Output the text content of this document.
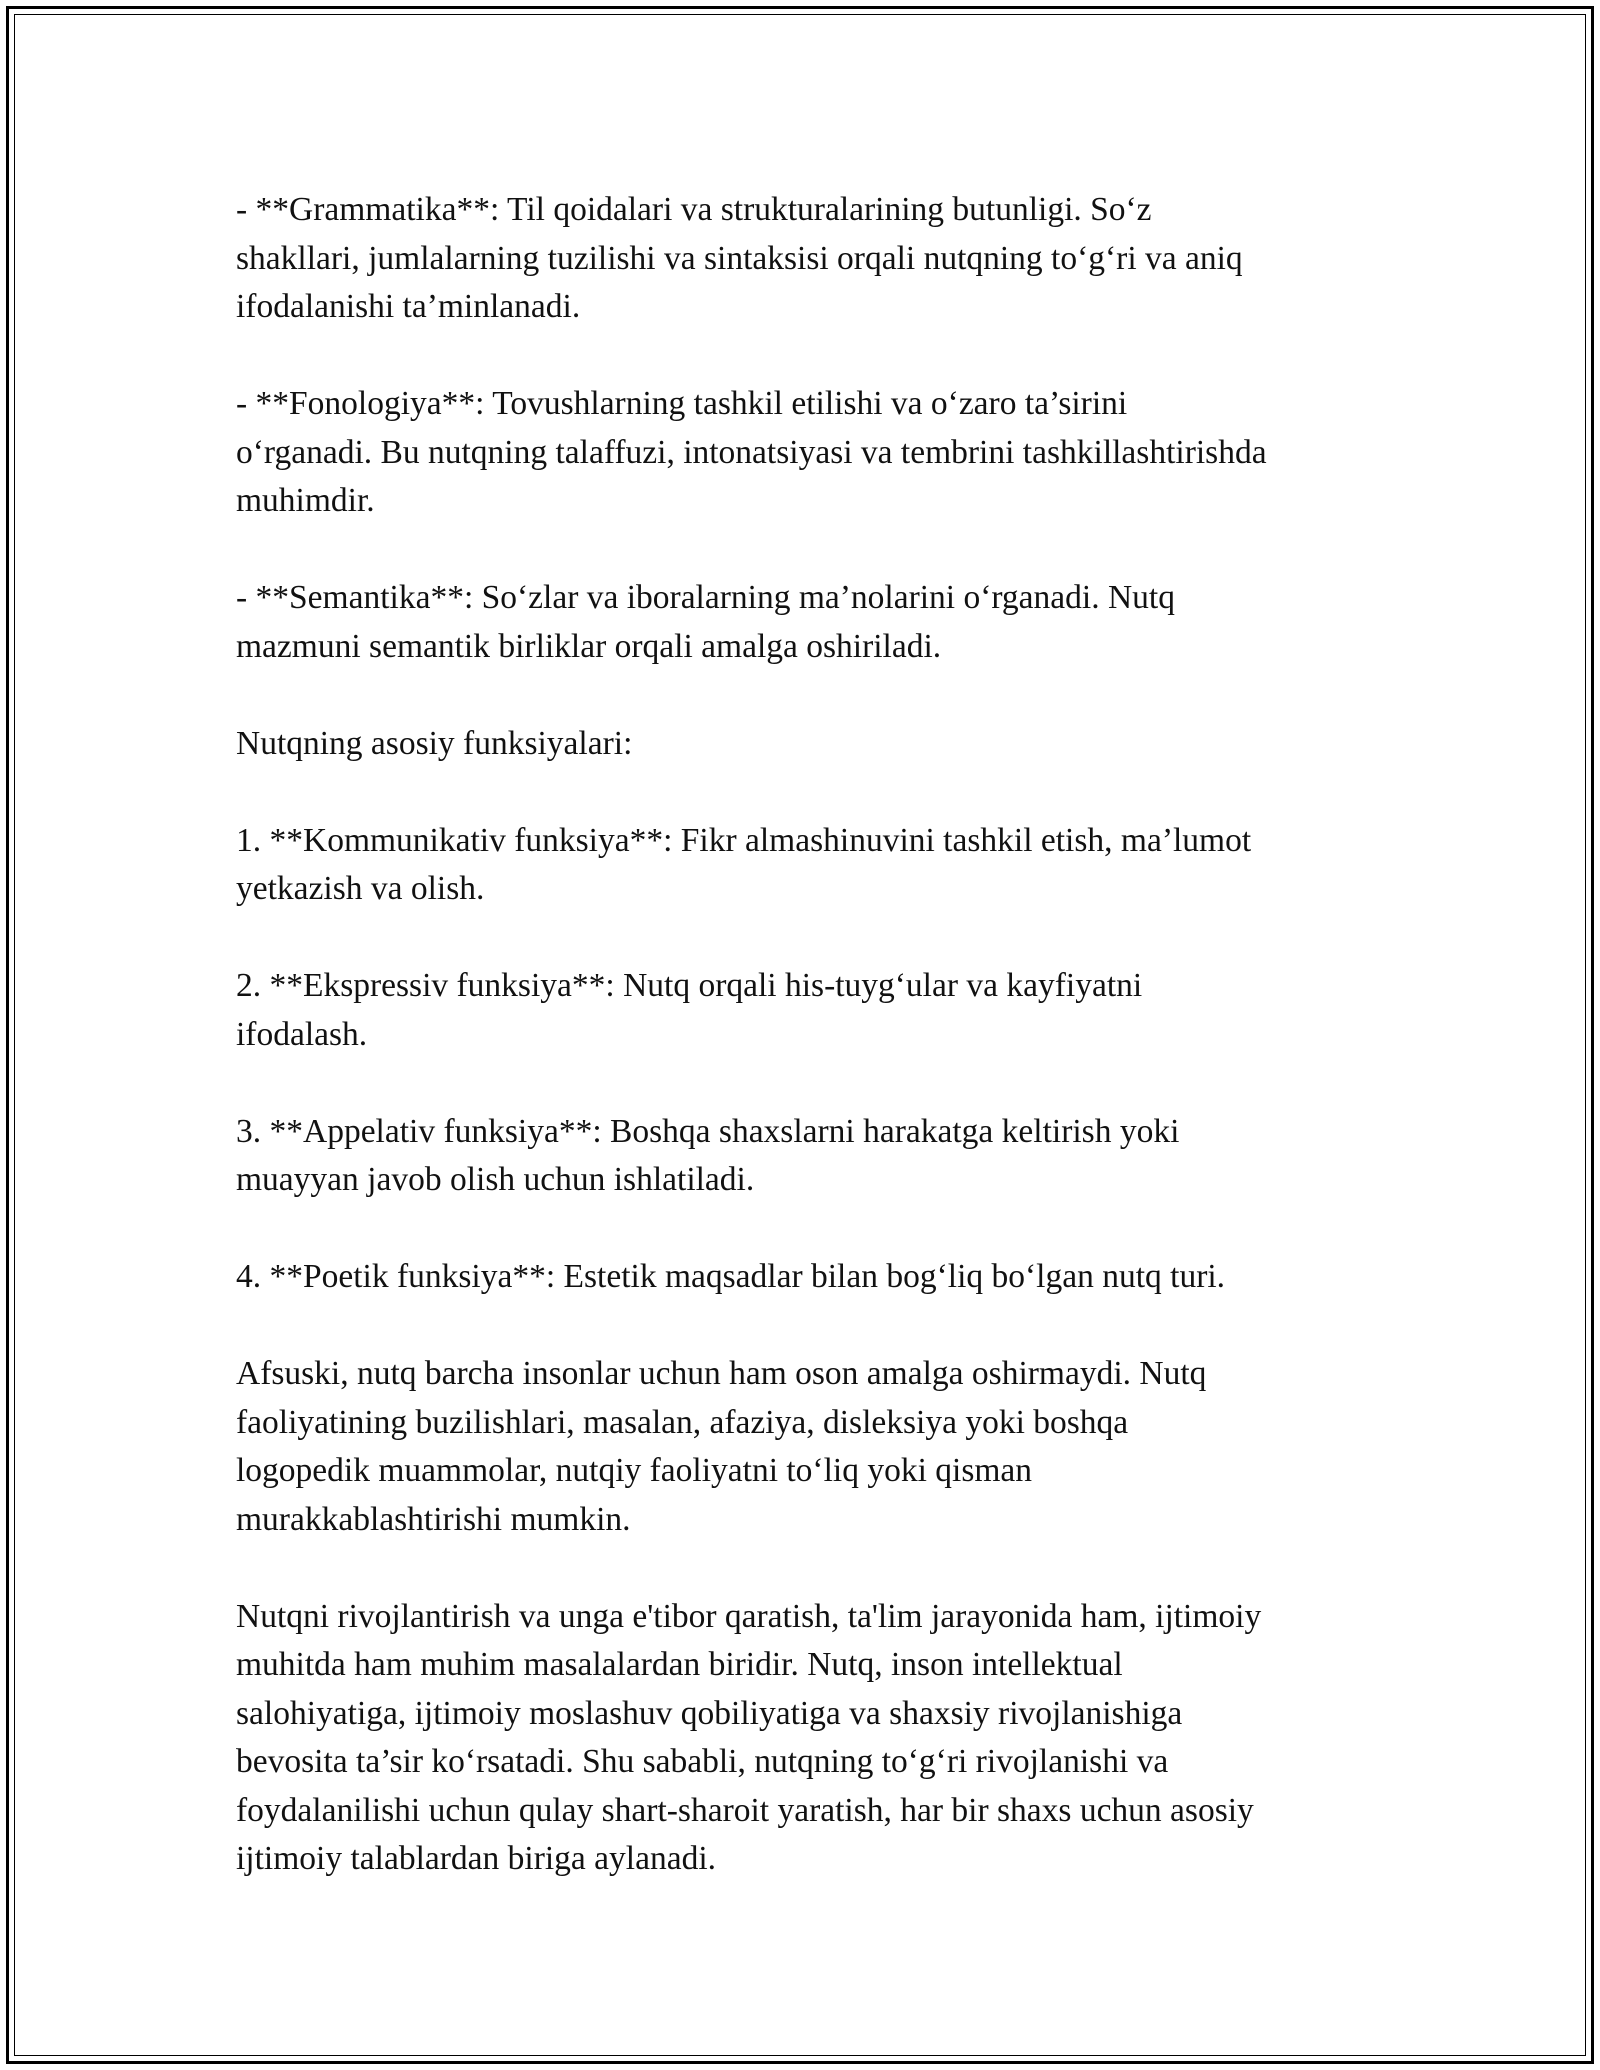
- **Grammatika**: Til qoidalari va strukturalarining butunligi. So‘z
shakllari, jumlalarning tuzilishi va sintaksisi orqali nutqning to‘g‘ri va aniq
ifodalanishi ta’minlanadi.

- **Fonologiya**: Tovushlarning tashkil etilishi va o‘zaro ta’sirini
o‘rganadi. Bu nutqning talaffuzi, intonatsiyasi va tembrini tashkillashtirishda
muhimdir.

- **Semantika**: So‘zlar va iboralarning ma’nolarini o‘rganadi. Nutq
mazmuni semantik birliklar orqali amalga oshiriladi.

Nutqning asosiy funksiyalari:

1. **Kommunikativ funksiya**: Fikr almashinuvini tashkil etish, ma’lumot
yetkazish va olish.

2. **Ekspressiv funksiya**: Nutq orqali his-tuyg‘ular va kayfiyatni
ifodalash.

3. **Appelativ funksiya**: Boshqa shaxslarni harakatga keltirish yoki
muayyan javob olish uchun ishlatiladi.

4. **Poetik funksiya**: Estetik maqsadlar bilan bog‘liq bo‘lgan nutq turi.

Afsuski, nutq barcha insonlar uchun ham oson amalga oshirmaydi. Nutq
faoliyatining buzilishlari, masalan, afaziya, disleksiya yoki boshqa
logopedik muammolar, nutqiy faoliyatni to‘liq yoki qisman
murakkablashtirishi mumkin.

Nutqni rivojlantirish va unga e'tibor qaratish, ta'lim jarayonida ham, ijtimoiy
muhitda ham muhim masalalardan biridir. Nutq, inson intellektual
salohiyatiga, ijtimoiy moslashuv qobiliyatiga va shaxsiy rivojlanishiga
bevosita ta’sir ko‘rsatadi. Shu sababli, nutqning to‘g‘ri rivojlanishi va
foydalanilishi uchun qulay shart-sharoit yaratish, har bir shaxs uchun asosiy
ijtimoiy talablardan biriga aylanadi.
